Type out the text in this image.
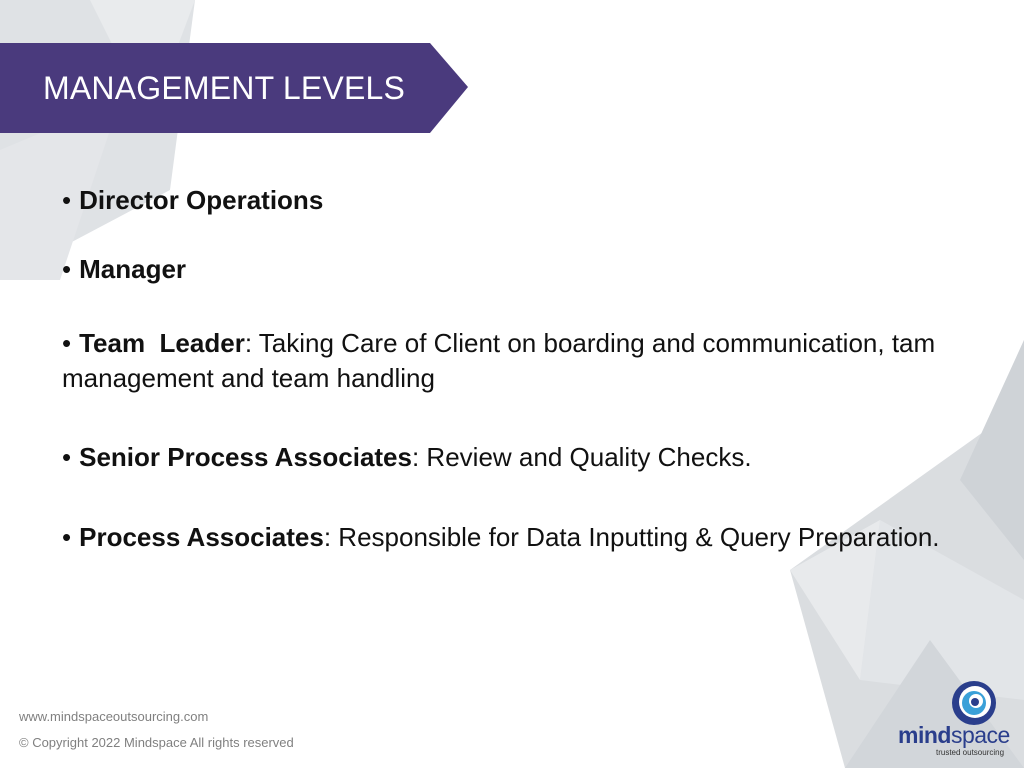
MANAGEMENT LEVELS
• Director Operations
• Manager
• Team  Leader: Taking Care of Client on boarding and communication, tam management and team handling
• Senior Process Associates: Review and Quality Checks.
• Process Associates: Responsible for Data Inputting & Query Preparation.
www.mindspaceoutsourcing.com
© Copyright 2022 Mindspace All rights reserved	mindspace
trusted outsourcing
